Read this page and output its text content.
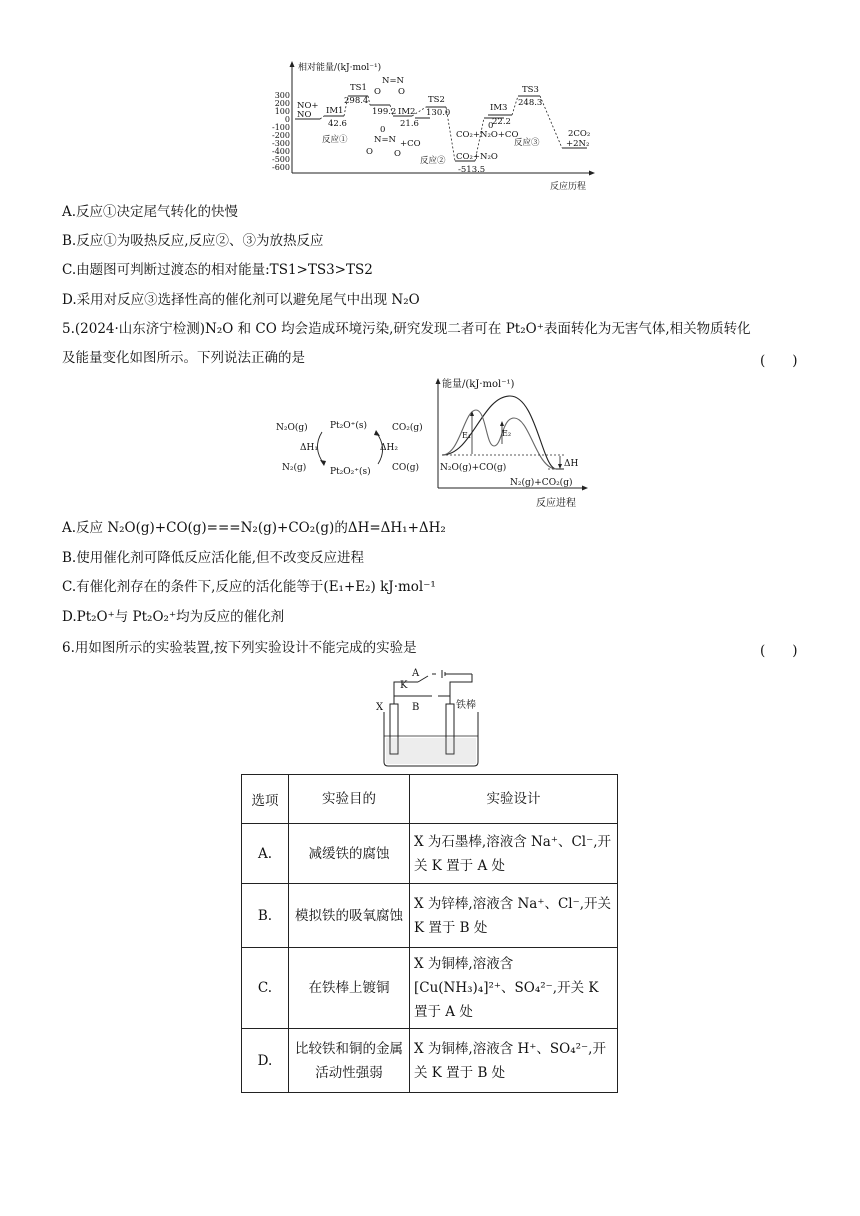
相对能量/(kJ·mol⁻¹)
反应历程
300
200
100
0
-100
-200
-300
-400
-500
-600
NO+
NO IM1
42.6
TS1
298.4
N=N
O O
199.2 IM2
21.6
0
N=N
O
+CO
O
反应①
TS2
130.0
0
CO₂+N₂O+CO
IM3
22.2
TS3
248.3
反应② CO₂+N₂O
-513.5
反应③
2CO₂
+2N₂
A.反应①决定尾气转化的快慢
B.反应①为吸热反应,反应②、③为放热反应
C.由题图可判断过渡态的相对能量:TS1>TS3>TS2
D.采用对反应③选择性高的催化剂可以避免尾气中出现 N₂O
5.(2024·山东济宁检测)N₂O 和 CO 均会造成环境污染,研究发现二者可在 Pt₂O⁺表面转化为无害气体,相关物质转化
及能量变化如图所示。下列说法正确的是	(　　)
N₂O(g)
ΔH₁
N₂(g)
Pt₂O⁺(s)
Pt₂O₂⁺(s)
CO₂(g)
ΔH₂
CO(g)
能量/(kJ·mol⁻¹)
反应进程
E₁	E₂
ΔH
N₂O(g)+CO(g)
N₂(g)+CO₂(g)
A.反应 N₂O(g)+CO(g)===N₂(g)+CO₂(g)的ΔH=ΔH₁+ΔH₂
B.使用催化剂可降低反应活化能,但不改变反应进程
C.有催化剂存在的条件下,反应的活化能等于(E₁+E₂) kJ·mol⁻¹
D.Pt₂O⁺与 Pt₂O₂⁺均为反应的催化剂
6.用如图所示的实验装置,按下列实验设计不能完成的实验是	(　　)
A
K
B
X	铁棒
选项	实验目的	实验设计
A.	减缓铁的腐蚀	X 为石墨棒,溶液含 Na⁺、Cl⁻,开关 K 置于 A 处
B.	模拟铁的吸氧腐蚀	X 为锌棒,溶液含 Na⁺、Cl⁻,开关 K 置于 B 处
C.	在铁棒上镀铜	X 为铜棒,溶液含[Cu(NH₃)₄]²⁺、SO₄²⁻,开关 K 置于 A 处
D.	比较铁和铜的金属活动性强弱	X 为铜棒,溶液含 H⁺、SO₄²⁻,开关 K 置于 B 处
